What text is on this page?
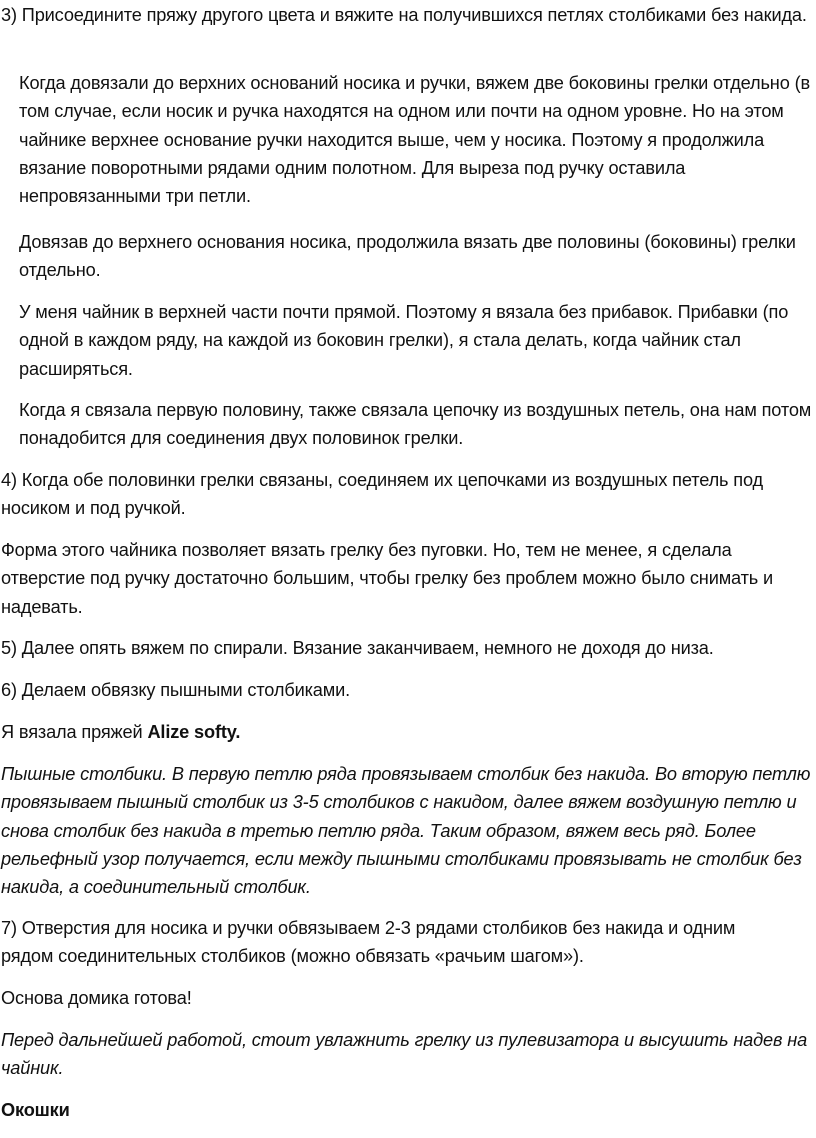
3) Присоедините пряжу другого цвета и вяжите на получившихся петлях столбиками без накида.

Когда довязали до верхних оснований носика и ручки, вяжем две боковины грелки отдельно (в том случае, если носик и ручка находятся на одном или почти на одном уровне. Но на этом чайнике верхнее основание ручки находится выше, чем у носика. Поэтому я продолжила вязание поворотными рядами одним полотном. Для выреза под ручку оставила непровязанными три петли.

Довязав до верхнего основания носика, продолжила вязать две половины (боковины) грелки отдельно.

У меня чайник в верхней части почти прямой. Поэтому я вязала без прибавок. Прибавки (по одной в каждом ряду, на каждой из боковин грелки), я стала делать, когда чайник стал расширяться.

Когда я связала первую половину, также связала цепочку из воздушных петель, она нам потом понадобится для соединения двух половинок грелки.

4) Когда обе половинки грелки связаны, соединяем их цепочками из воздушных петель под носиком и под ручкой.

Форма этого чайника позволяет вязать грелку без пуговки. Но, тем не менее, я сделала отверстие под ручку достаточно большим, чтобы грелку без проблем можно было снимать и надевать.

5) Далее опять вяжем по спирали. Вязание заканчиваем, немного не доходя до низа.

6) Делаем обвязку пышными столбиками.

Я вязала пряжей Alize softy.

Пышные столбики. В первую петлю ряда провязываем столбик без накида. Во вторую петлю провязываем пышный столбик из 3-5 столбиков с накидом, далее вяжем воздушную петлю и снова столбик без накида в третью петлю ряда. Таким образом, вяжем весь ряд. Более рельефный узор получается, если между пышными столбиками провязывать не столбик без накида, а соединительный столбик.

7) Отверстия для носика и ручки обвязываем 2-3 рядами столбиков без накида и одним рядом соединительных столбиков (можно обвязать «рачьим шагом»).

Основа домика готова!

Перед дальнейшей работой, стоит увлажнить грелку из пулевизатора и высушить надев на чайник.

Окошки
